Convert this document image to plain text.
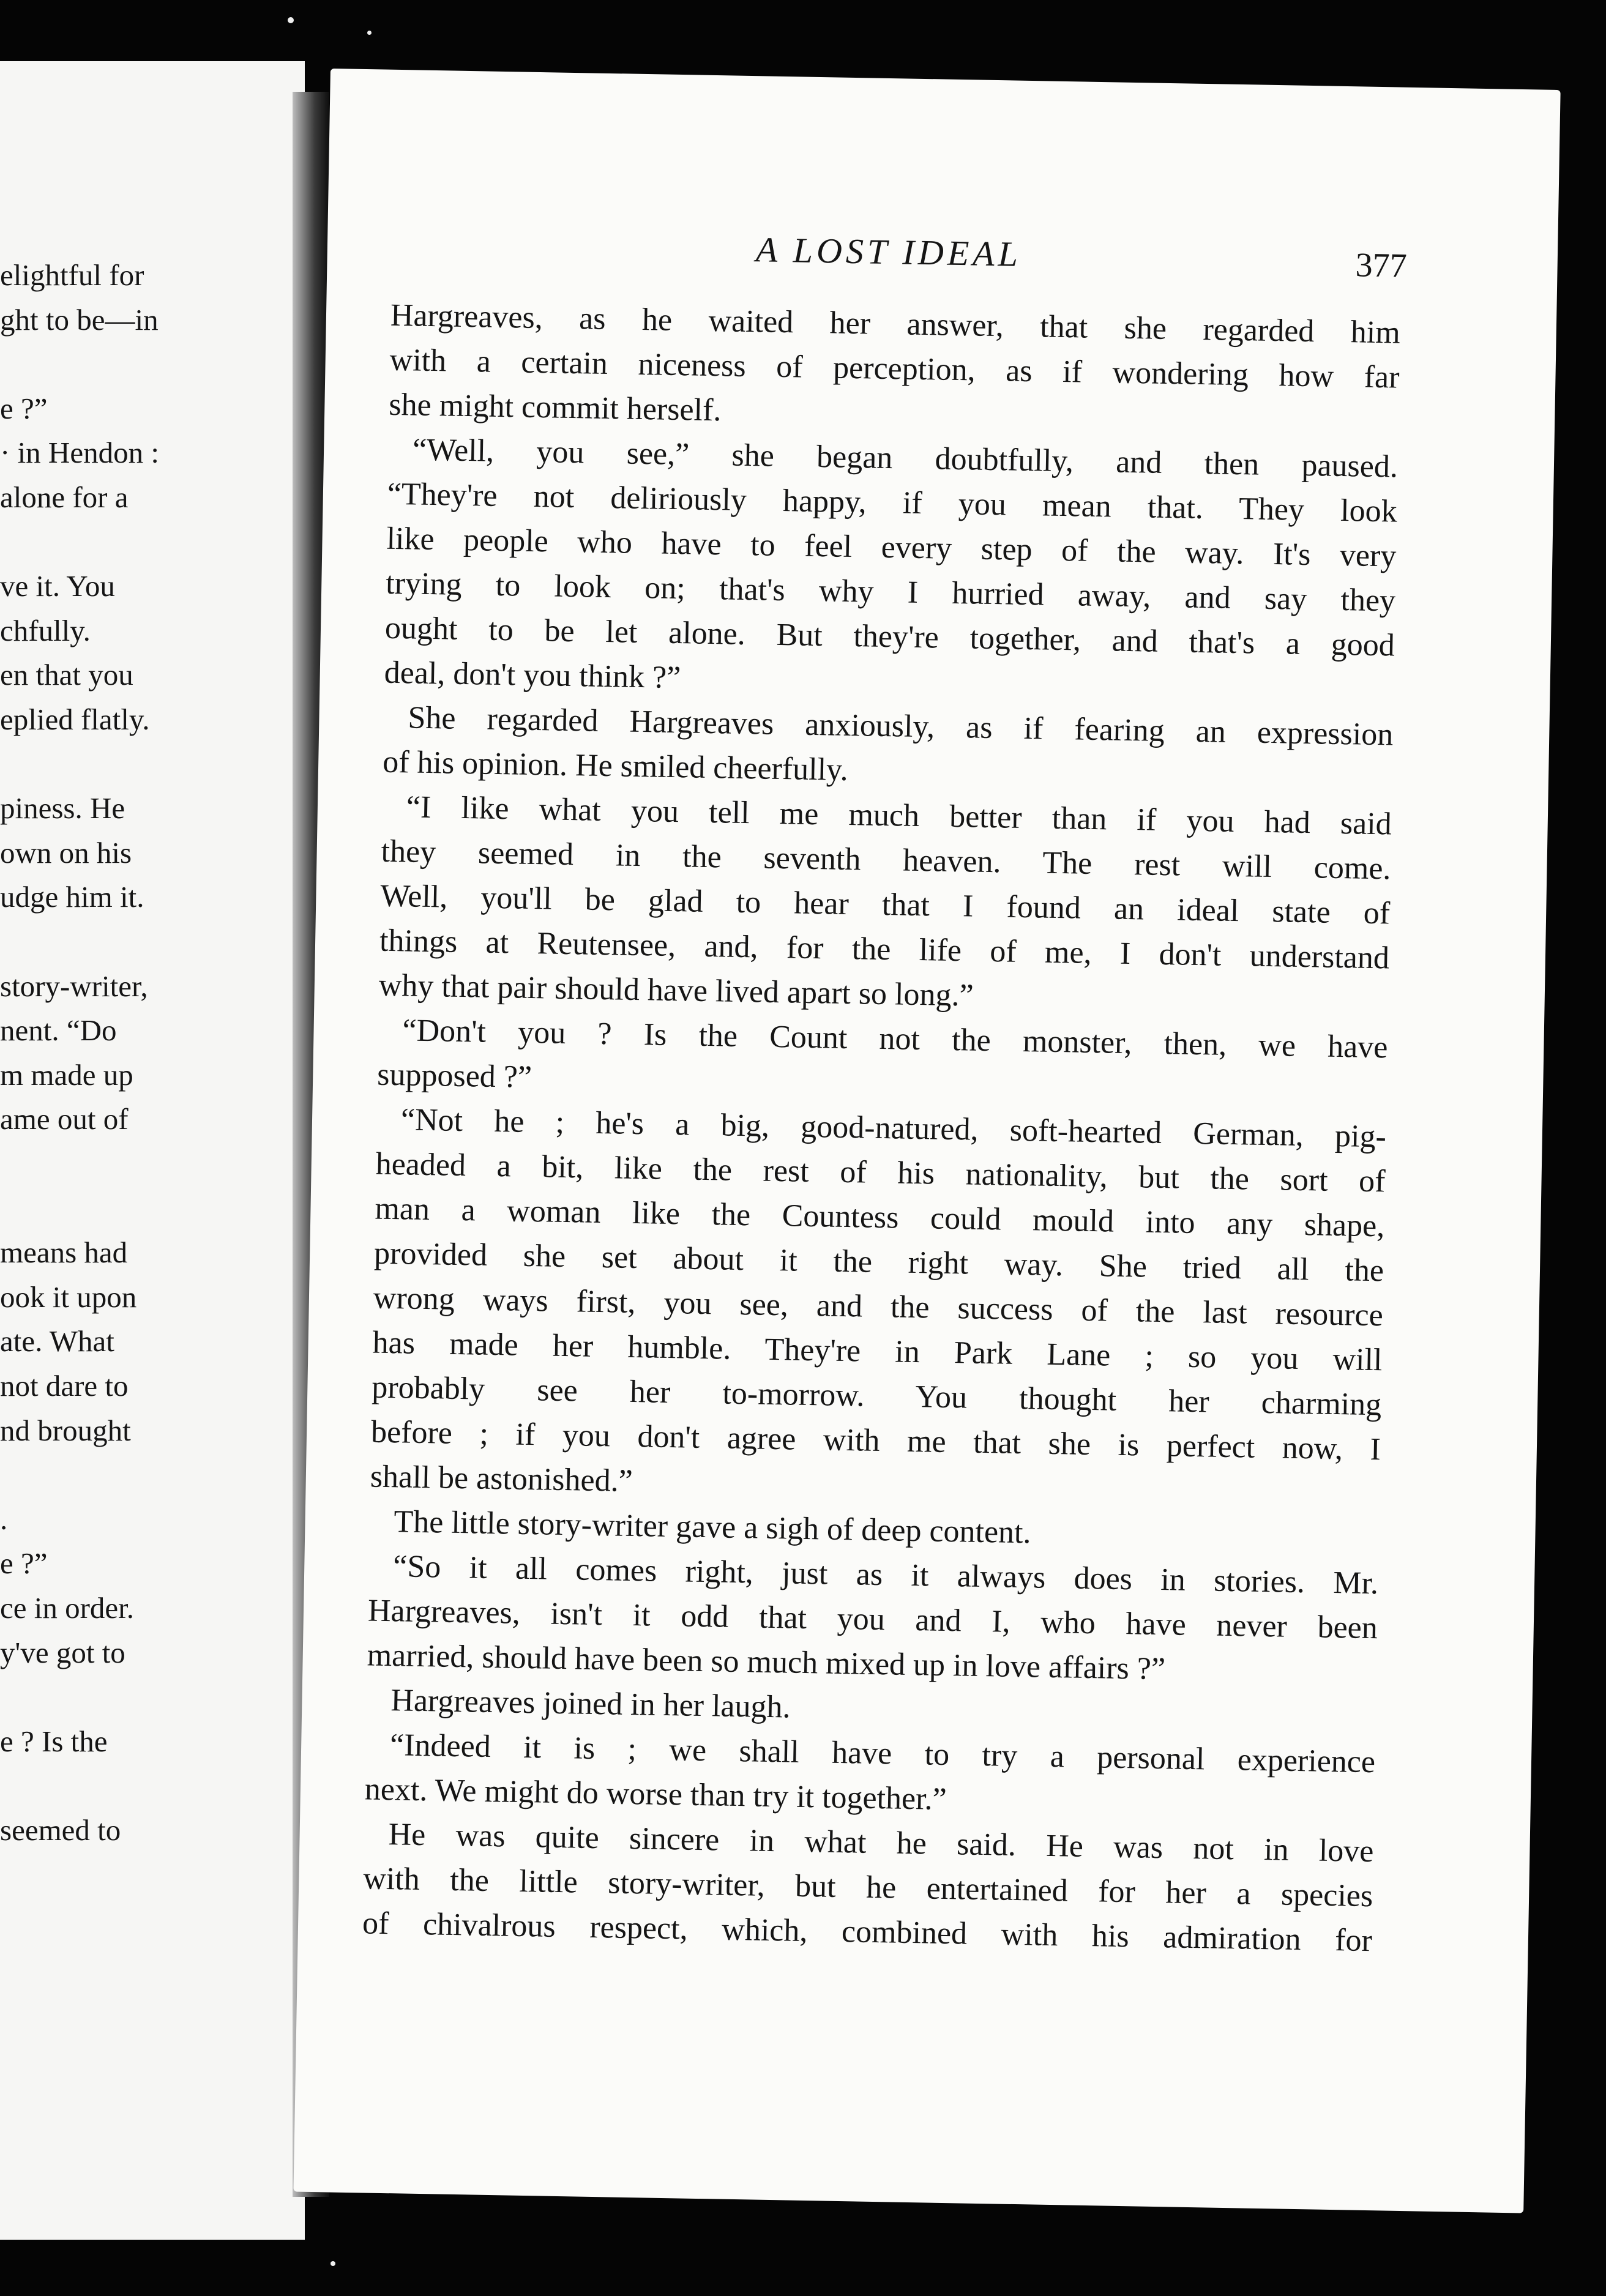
elightful for
ght to be—in
e ?”
· in Hendon :
alone for a
ve it. You
chfully.
en that you
eplied flatly.
piness. He
own on his
udge him it.
story-writer,
nent. “Do
m made up
ame out of
means had
ook it upon
ate. What
not dare to
nd brought
.
e ?”
ce in order.
y've got to
e ? Is the
seemed to
A LOST IDEAL	377
Hargreaves, as he waited her answer, that she regarded him
with a certain niceness of perception, as if wondering how far
she might commit herself.
“Well, you see,” she began doubtfully, and then paused.
“They're not deliriously happy, if you mean that. They look
like people who have to feel every step of the way. It's very
trying to look on; that's why I hurried away, and say they
ought to be let alone. But they're together, and that's a good
deal, don't you think ?”
She regarded Hargreaves anxiously, as if fearing an expression
of his opinion. He smiled cheerfully.
“I like what you tell me much better than if you had said
they seemed in the seventh heaven. The rest will come.
Well, you'll be glad to hear that I found an ideal state of
things at Reutensee, and, for the life of me, I don't understand
why that pair should have lived apart so long.”
“Don't you ? Is the Count not the monster, then, we have
supposed ?”
“Not he ; he's a big, good-natured, soft-hearted German, pig-
headed a bit, like the rest of his nationality, but the sort of
man a woman like the Countess could mould into any shape,
provided she set about it the right way. She tried all the
wrong ways first, you see, and the success of the last resource
has made her humble. They're in Park Lane ; so you will
probably see her to-morrow. You thought her charming
before ; if you don't agree with me that she is perfect now, I
shall be astonished.”
The little story-writer gave a sigh of deep content.
“So it all comes right, just as it always does in stories. Mr.
Hargreaves, isn't it odd that you and I, who have never been
married, should have been so much mixed up in love affairs ?”
Hargreaves joined in her laugh.
“Indeed it is ; we shall have to try a personal experience
next. We might do worse than try it together.”
He was quite sincere in what he said. He was not in love
with the little story-writer, but he entertained for her a species
of chivalrous respect, which, combined with his admiration for
